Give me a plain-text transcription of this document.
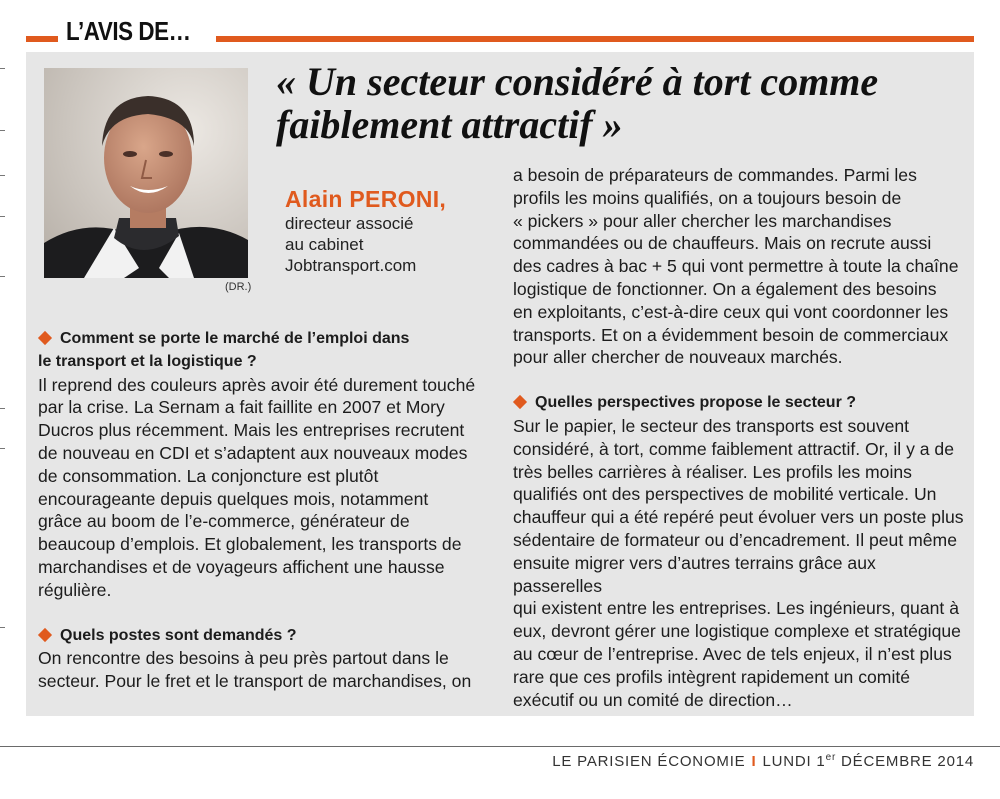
L’AVIS DE…
(DR.)
« Un secteur considéré à tort comme
faiblement attractif »
Alain PERONI,
directeur associé
au cabinet
Jobtransport.com
Comment se porte le marché de l’emploi dans
le transport et la logistique ?

Il reprend des couleurs après avoir été durement touché

par la crise. La Sernam a fait faillite en 2007 et Mory

Ducros plus récemment. Mais les entreprises recrutent

de nouveau en CDI et s’adaptent aux nouveaux modes

de consommation. La conjoncture est plutôt

encourageante depuis quelques mois, notamment

grâce au boom de l’e-commerce, générateur de

beaucoup d’emplois. Et globalement, les transports de

marchandises et de voyageurs affichent une hausse

régulière.

Quels postes sont demandés ?

On rencontre des besoins à peu près partout dans le

secteur. Pour le fret et le transport de marchandises, on

a besoin de préparateurs de commandes. Parmi les

profils les moins qualifiés, on a toujours besoin de

« pickers » pour aller chercher les marchandises

commandées ou de chauffeurs. Mais on recrute aussi

des cadres à bac + 5 qui vont permettre à toute la chaîne

logistique de fonctionner. On a également des besoins

en exploitants, c’est-à-dire ceux qui vont coordonner les

transports. Et on a évidemment besoin de commerciaux

pour aller chercher de nouveaux marchés.

Quelles perspectives propose le secteur ?

Sur le papier, le secteur des transports est souvent

considéré, à tort, comme faiblement attractif. Or, il y a de

très belles carrières à réaliser. Les profils les moins

qualifiés ont des perspectives de mobilité verticale. Un

chauffeur qui a été repéré peut évoluer vers un poste plus

sédentaire de formateur ou d’encadrement. Il peut même

ensuite migrer vers d’autres terrains grâce aux passerelles

qui existent entre les entreprises. Les ingénieurs, quant à

eux, devront gérer une logistique complexe et stratégique

au cœur de l’entreprise. Avec de tels enjeux, il n’est plus

rare que ces profils intègrent rapidement un comité

exécutif ou un comité de direction…

LE PARISIEN ÉCONOMIE I LUNDI 1er DÉCEMBRE 2014
